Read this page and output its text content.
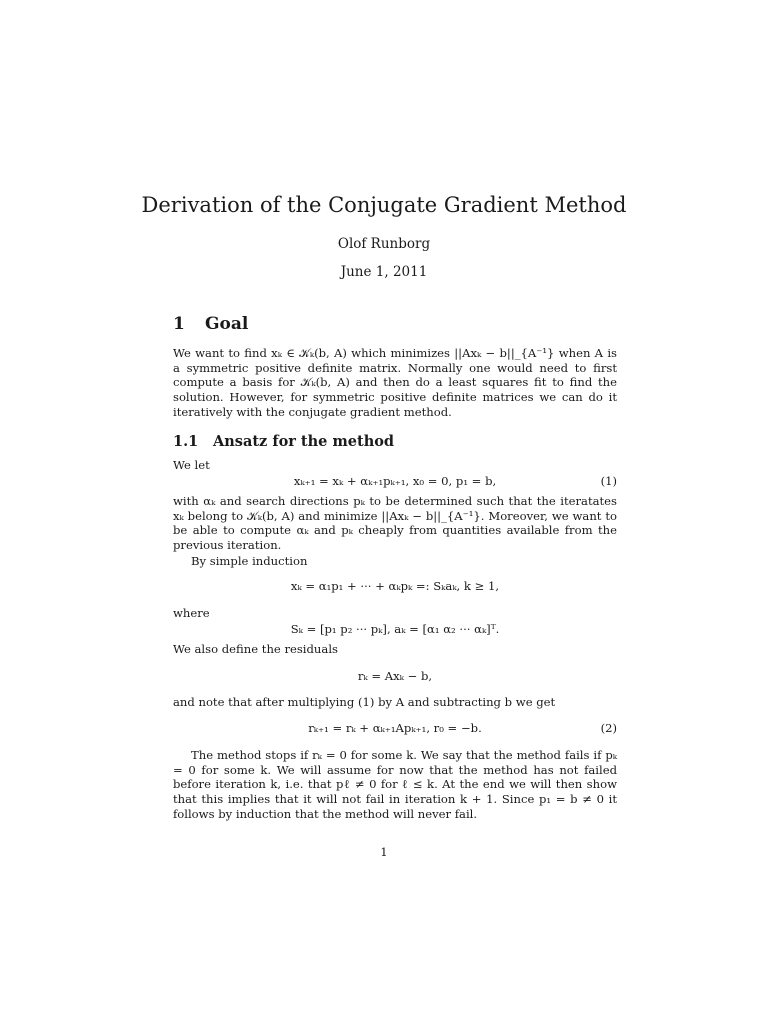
Derivation of the Conjugate Gradient Method
Olof Runborg
June 1, 2011
1 Goal
We want to find xₖ ∈ 𝒦ₖ(b, A) which minimizes ||Axₖ − b||_{A⁻¹} when A is a symmetric positive definite matrix. Normally one would need to first compute a basis for 𝒦ₖ(b, A) and then do a least squares fit to find the solution. However, for symmetric positive definite matrices we can do it iteratively with the conjugate gradient method.
1.1 Ansatz for the method
We let
xₖ₊₁ = xₖ + αₖ₊₁pₖ₊₁, x₀ = 0, p₁ = b,	(1)
with αₖ and search directions pₖ to be determined such that the iteratates xₖ belong to 𝒦ₖ(b, A) and minimize ||Axₖ − b||_{A⁻¹}. Moreover, we want to be able to compute αₖ and pₖ cheaply from quantities available from the previous iteration.
By simple induction
xₖ = α₁p₁ + ··· + αₖpₖ =: Sₖaₖ, k ≥ 1,
where
Sₖ = [p₁ p₂ ··· pₖ], aₖ = [α₁ α₂ ··· αₖ]ᵀ.
We also define the residuals
rₖ = Axₖ − b,
and note that after multiplying (1) by A and subtracting b we get
rₖ₊₁ = rₖ + αₖ₊₁Apₖ₊₁, r₀ = −b.	(2)
The method stops if rₖ = 0 for some k. We say that the method fails if pₖ = 0 for some k. We will assume for now that the method has not failed before iteration k, i.e. that pℓ ≠ 0 for ℓ ≤ k. At the end we will then show that this implies that it will not fail in iteration k + 1. Since p₁ = b ≠ 0 it follows by induction that the method will never fail.
1
